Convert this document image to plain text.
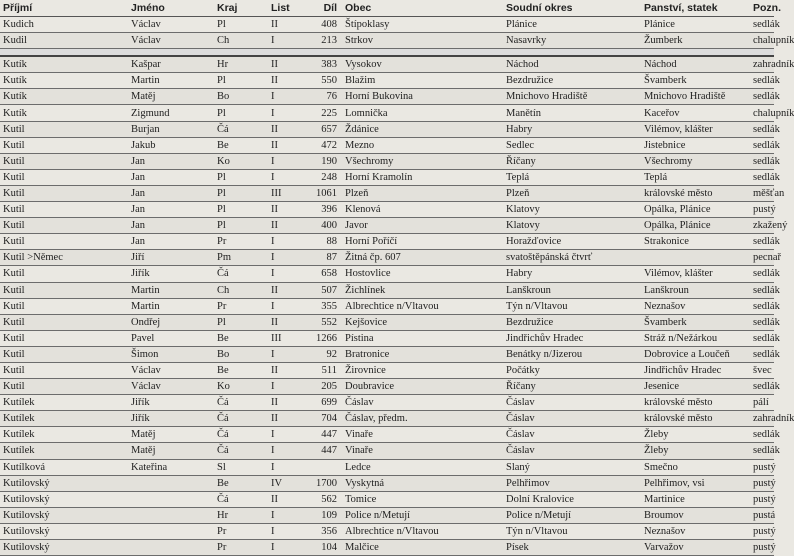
Příjmí	Jméno	Kraj	List	Díl	Obec	Soudní okres	Panství, statek	Pozn.
Kudich	Václav	Pl	II	408	Štípoklasy	Plánice	Plánice	sedlák
Kudil	Václav	Ch	I	213	Strkov	Nasavrky	Žumberk	chalupník

Kutík	Kašpar	Hr	II	383	Vysokov	Náchod	Náchod	zahradník
Kutík	Martin	Pl	II	550	Blažim	Bezdružice	Švamberk	sedlák
Kutík	Matěj	Bo	I	76	Horní Bukovina	Mnichovo Hradiště	Mnichovo Hradiště	sedlák
Kutík	Zigmund	Pl	I	225	Lomnička	Manětín	Kaceřov	chalupník
Kutil	Burjan	Čá	II	657	Ždánice	Habry	Vilémov, klášter	sedlák
Kutil	Jakub	Be	II	472	Mezno	Sedlec	Jistebnice	sedlák
Kutil	Jan	Ko	I	190	Všechromy	Říčany	Všechromy	sedlák
Kutil	Jan	Pl	I	248	Horní Kramolín	Teplá	Teplá	sedlák
Kutil	Jan	Pl	III	1061	Plzeň	Plzeň	královské město	měšťan
Kutil	Jan	Pl	II	396	Klenová	Klatovy	Opálka, Plánice	pustý
Kutil	Jan	Pl	II	400	Javor	Klatovy	Opálka, Plánice	zkažený
Kutil	Jan	Pr	I	88	Horní Poříčí	Horažďovice	Strakonice	sedlák
Kutil >Němec	Jiří	Pm	I	87	Žitná čp. 607	svatoštěpánská čtvrť		pecnař
Kutil	Jiřík	Čá	I	658	Hostovlice	Habry	Vilémov, klášter	sedlák
Kutil	Martin	Ch	II	507	Žichlínek	Lanškroun	Lanškroun	sedlák
Kutil	Martin	Pr	I	355	Albrechtice n/Vltavou	Týn n/Vltavou	Neznašov	sedlák
Kutil	Ondřej	Pl	II	552	Kejšovice	Bezdružice	Švamberk	sedlák
Kutil	Pavel	Be	III	1266	Pístina	Jindřichův Hradec	Stráž n/Nežárkou	sedlák
Kutil	Šimon	Bo	I	92	Bratronice	Benátky n/Jizerou	Dobrovice a Loučeň	sedlák
Kutil	Václav	Be	II	511	Žirovnice	Počátky	Jindřichův Hradec	švec
Kutil	Václav	Ko	I	205	Doubravice	Říčany	Jesenice	sedlák
Kutílek	Jiřík	Čá	II	699	Čáslav	Čáslav	královské město	pálí
Kutílek	Jiřík	Čá	II	704	Čáslav, předm.	Čáslav	královské město	zahradník
Kutílek	Matěj	Čá	I	447	Vinaře	Čáslav	Žleby	sedlák
Kutílek	Matěj	Čá	I	447	Vinaře	Čáslav	Žleby	sedlák
Kutílková	Kateřina	Sl	I		Ledce	Slaný	Smečno	pustý
Kutilovský		Be	IV	1700	Vyskytná	Pelhřimov	Pelhřimov, vsi	pustý
Kutilovský		Čá	II	562	Tomice	Dolní Kralovice	Martinice	pustý
Kutilovský		Hr	I	109	Police n/Metují	Police n/Metují	Broumov	pustá
Kutilovský		Pr	I	356	Albrechtice n/Vltavou	Týn n/Vltavou	Neznašov	pustý
Kutilovský		Pr	I	104	Malčice	Písek	Varvažov	pustý
